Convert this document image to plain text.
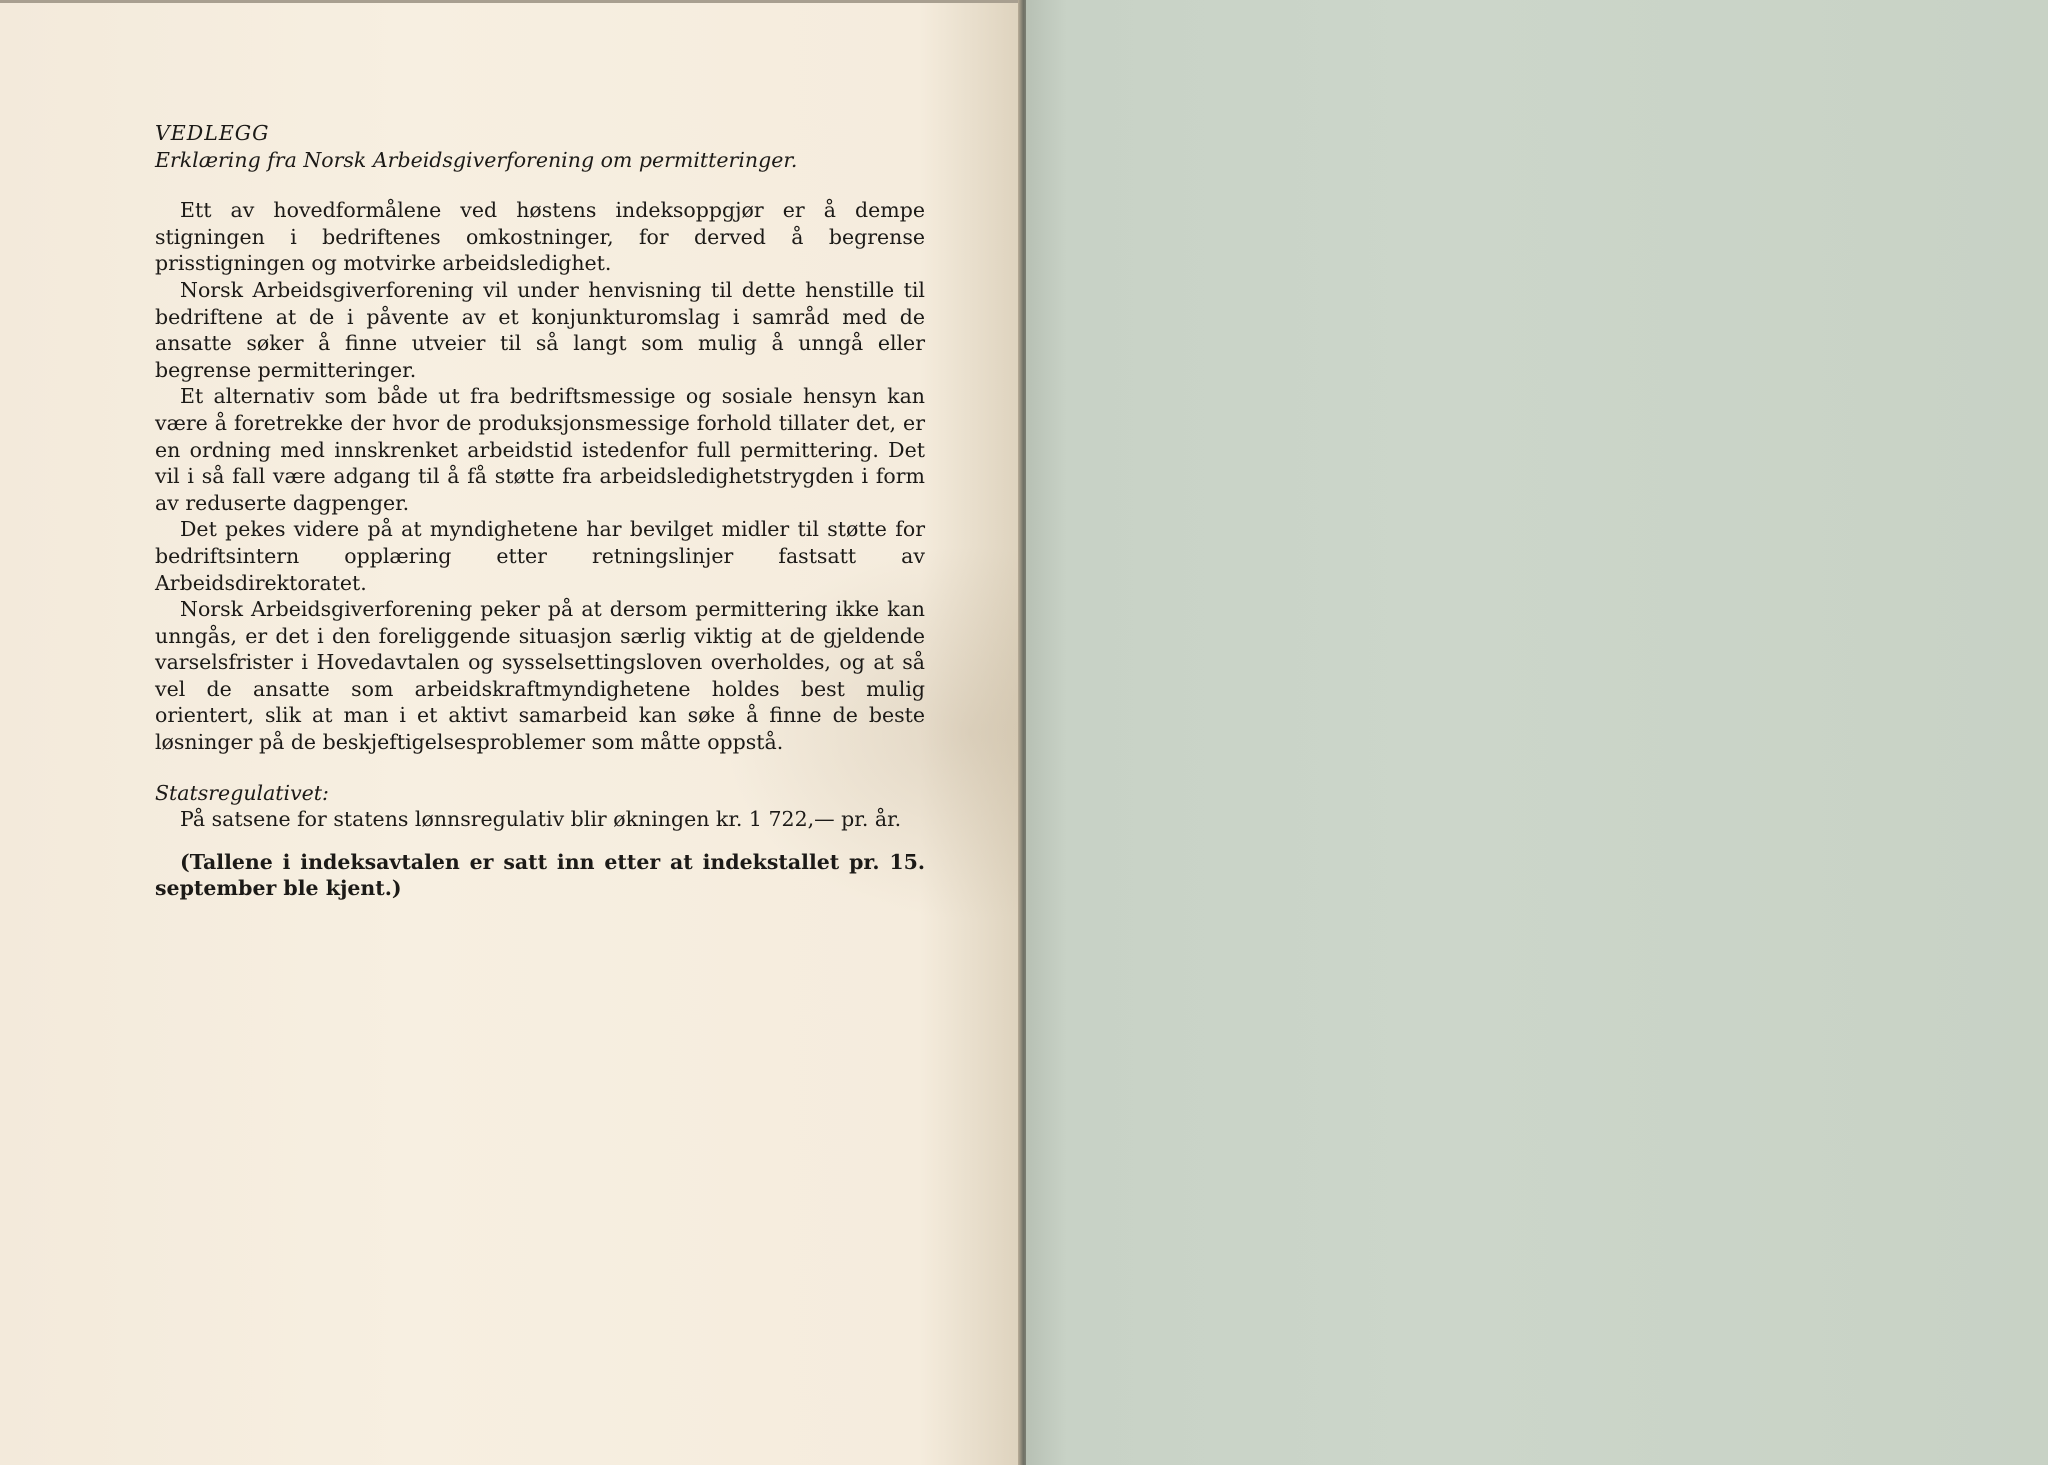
VEDLEGG

Erklæring fra Norsk Arbeidsgiverforening om permitteringer.

Ett av hovedformålene ved høstens indeksoppgjør er å dempe stigningen i bedriftenes omkostninger, for derved å begrense prisstigningen og motvirke arbeidsledighet.

Norsk Arbeidsgiverforening vil under henvisning til dette henstille til bedriftene at de i påvente av et konjunkturomslag i samråd med de ansatte søker å finne utveier til så langt som mulig å unngå eller begrense permitteringer.

Et alternativ som både ut fra bedriftsmessige og sosiale hensyn kan være å foretrekke der hvor de produksjonsmessige forhold tillater det, er en ordning med innskrenket arbeidstid istedenfor full permittering. Det vil i så fall være adgang til å få støtte fra arbeidsledighetstrygden i form av reduserte dagpenger.

Det pekes videre på at myndighetene har bevilget midler til støtte for bedriftsintern opplæring etter retningslinjer fastsatt av Arbeidsdirektoratet.

Norsk Arbeidsgiverforening peker på at dersom permittering ikke kan unngås, er det i den foreliggende situasjon særlig viktig at de gjeldende varselsfrister i Hovedavtalen og sysselsettingsloven overholdes, og at så vel de ansatte som arbeidskraftmyndighetene holdes best mulig orientert, slik at man i et aktivt samarbeid kan søke å finne de beste løsninger på de beskjeftigelsesproblemer som måtte oppstå.

Statsregulativet:

På satsene for statens lønnsregulativ blir økningen kr. 1 722,— pr. år.

(Tallene i indeksavtalen er satt inn etter at indekstallet pr. 15. september ble kjent.)
